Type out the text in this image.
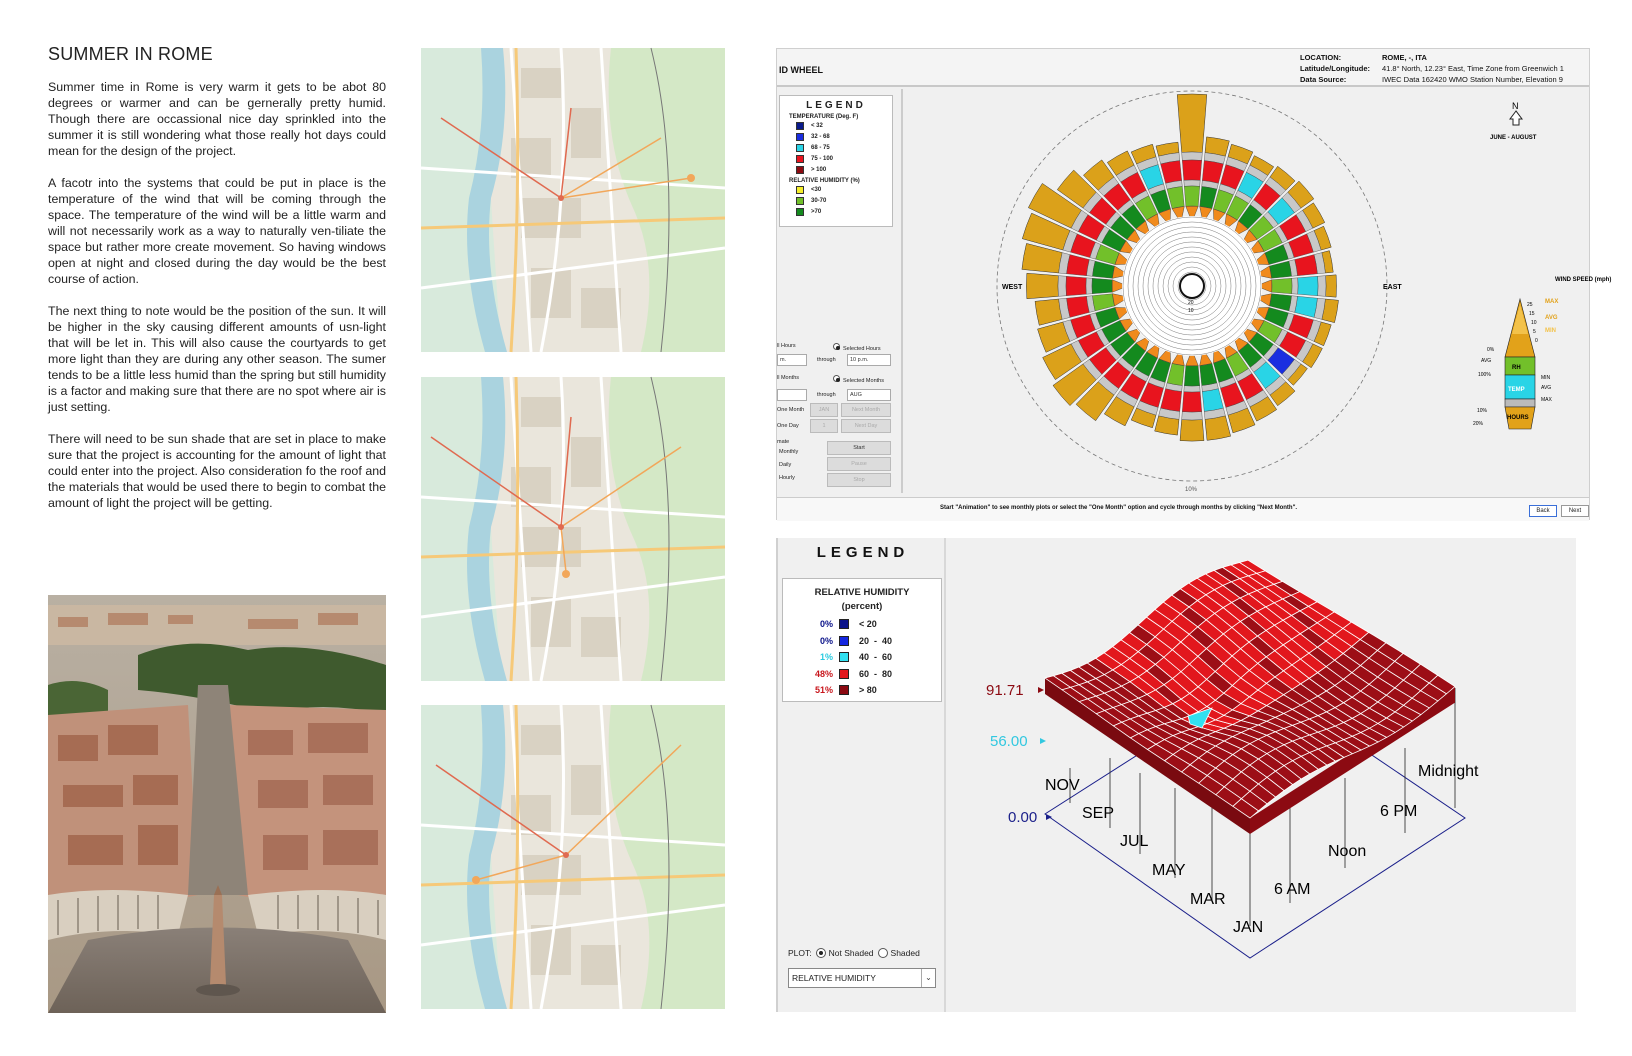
SUMMER IN ROME

Summer time in Rome is very warm it gets to be abot 80 degrees or warmer and can be gernerally pretty humid. Though there are occassional nice day sprinkled into the summer it is still wondering what those really hot days could mean for the design of the project.

A facotr into the systems that could be put in place is the temperature of the wind that will be coming through the space. The temperature of the wind will be a little warm and will not necessarily work as a way to naturally ven-tiliate the space but rather more create movement. So having windows open at night and closed during the day would be the best course of action.

The next thing to note would be the position of the sun. It will be higher in the sky causing different amounts of usn-light that will be let in. This will also cause the courtyards to get more light than they are during any other season. The sumer tends to be a little less humid than the spring but still humidity is a factor and making sure that there are no spot where air is just setting.

There will need to be sun shade that are set in place to make sure that the project is accounting for the amount of light that could enter into the project. Also consideration fo the roof and the materials that would be used there to begin to combat the amount of light the project will be getting.

ID WHEEL
LOCATION:	ROME, -, ITA
Latitude/Longitude: 41.8° North, 12.23° East, Time Zone from Greenwich 1
Data Source:	IWEC Data 162420 WMO Station Number, Elevation 9
LEGEND
TEMPERATURE (Deg. F)
< 32
32 - 68
68 - 75
75 - 100
> 100
RELATIVE HUMIDITY (%)
<30
30-70
>70
ll Hours	Selected Hours
m.	through	10 p.m.
ll Months	Selected Months
through	AUG
One Month	JAN	Next Month
One Day	1	Next Day
mate
Monthly
Daily
Hourly
Start
Pause
Stop
20
10
WEST	EAST
10%
N
JUNE - AUGUST
WIND SPEED (mph)
RH
TEMP
HOURS
MAX
AVG
MIN
0%
AVG
100%
10%
20%
MIN
AVG
MAX
25
15
10
5
0
Start "Animation" to see monthly plots or select the "One Month" option and cycle through months by clicking "Next Month".	Back	Next
LEGEND
RELATIVE HUMIDITY
(percent)
0%	< 20
0%	20  -  40
1%	40  -  60
48%	60  -  80
51%	> 80
PLOT: Not Shaded Shaded
RELATIVE HUMIDITY	⌄
91.71
56.00
0.00
NOV
SEP
JUL
MAY
MAR
JAN
6 AM
Noon
6 PM
Midnight
